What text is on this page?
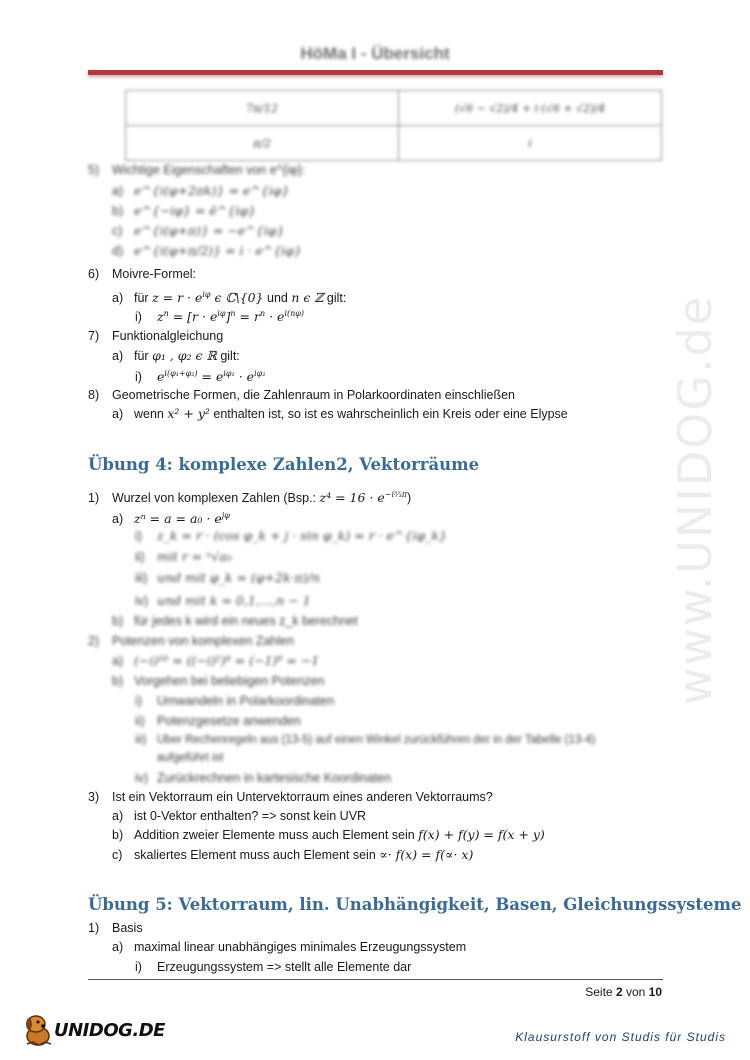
www.UNIDOG.de
HöMa I - Übersicht
7π/12	(√6 − √2)/4 + i·(√6 + √2)/4
π/2	i
5) Wichtige Eigenschaften von e^{iφ}:
a) e^{i(φ+2πk)} = e^{iφ}
b) e^{−iφ} = ē^{iφ}
c) e^{i(φ+π)} = −e^{iφ}
d) e^{i(φ+π/2)} = i · e^{iφ}
6) Moivre-Formel:
a) für $z = r \cdot e^{i\varphi}$ ϵ ℂ\{0} und n ϵ ℤ gilt:
i) $z^n = [r \cdot e^{i\varphi}]^n = r^n \cdot e^{i(n\varphi)}$
7) Funktionalgleichung
a) für φ₁ , φ₂ ϵ ℝ gilt:
i) $e^{i(\varphi_1+\varphi_2)} = e^{i\varphi_1} \cdot e^{i\varphi_2}$
8) Geometrische Formen, die Zahlenraum in Polarkoordinaten einschließen
a) wenn x² + y² enthalten ist, so ist es wahrscheinlich ein Kreis oder eine Elypse
Übung 4: komplexe Zahlen2, Vektorräume
1) Wurzel von komplexen Zahlen (Bsp.: $z^4 = 16 \cdot e^{-i\frac{2}{3}\pi}$)
a) $z^n = a = a_0 \cdot e^{j\varphi}$
i) z_k = r · (cos φ_k + j · sin φ_k) = r · e^{iφ_k}
ii) mit r = ⁿ√a₀
iii) und mit φ_k = (φ+2k·π)/n
iv) und mit k = 0,1,…,n − 1
b) für jedes k wird ein neues z_k berechnet
2) Potenzen von komplexen Zahlen
a) (−i)¹⁶ = ((−i)²)⁸ = (−1)⁸ = −1
b) Vorgehen bei beliebigen Potenzen
i) Umwandeln in Polarkoordinaten
ii) Potenzgesetze anwenden
iii) Über Rechenregeln aus (13-5) auf einen Winkel zurückführen der in der Tabelle (13-4)
aufgeführt ist
iv) Zurückrechnen in kartesische Koordinaten
3) Ist ein Vektorraum ein Untervektorraum eines anderen Vektorraums?
a) ist 0-Vektor enthalten? => sonst kein UVR
b) Addition zweier Elemente muss auch Element sein f(x) + f(y) = f(x + y)
c) skaliertes Element muss auch Element sein ∝· f(x) = f(∝· x)
Übung 5: Vektorraum, lin. Unabhängigkeit, Basen, Gleichungssysteme
1) Basis
a) maximal linear unabhängiges minimales Erzeugungssystem
i) Erzeugungssystem => stellt alle Elemente dar
Seite 2 von 10
UNIDOG.DE	Klausurstoff von Studis für Studis
